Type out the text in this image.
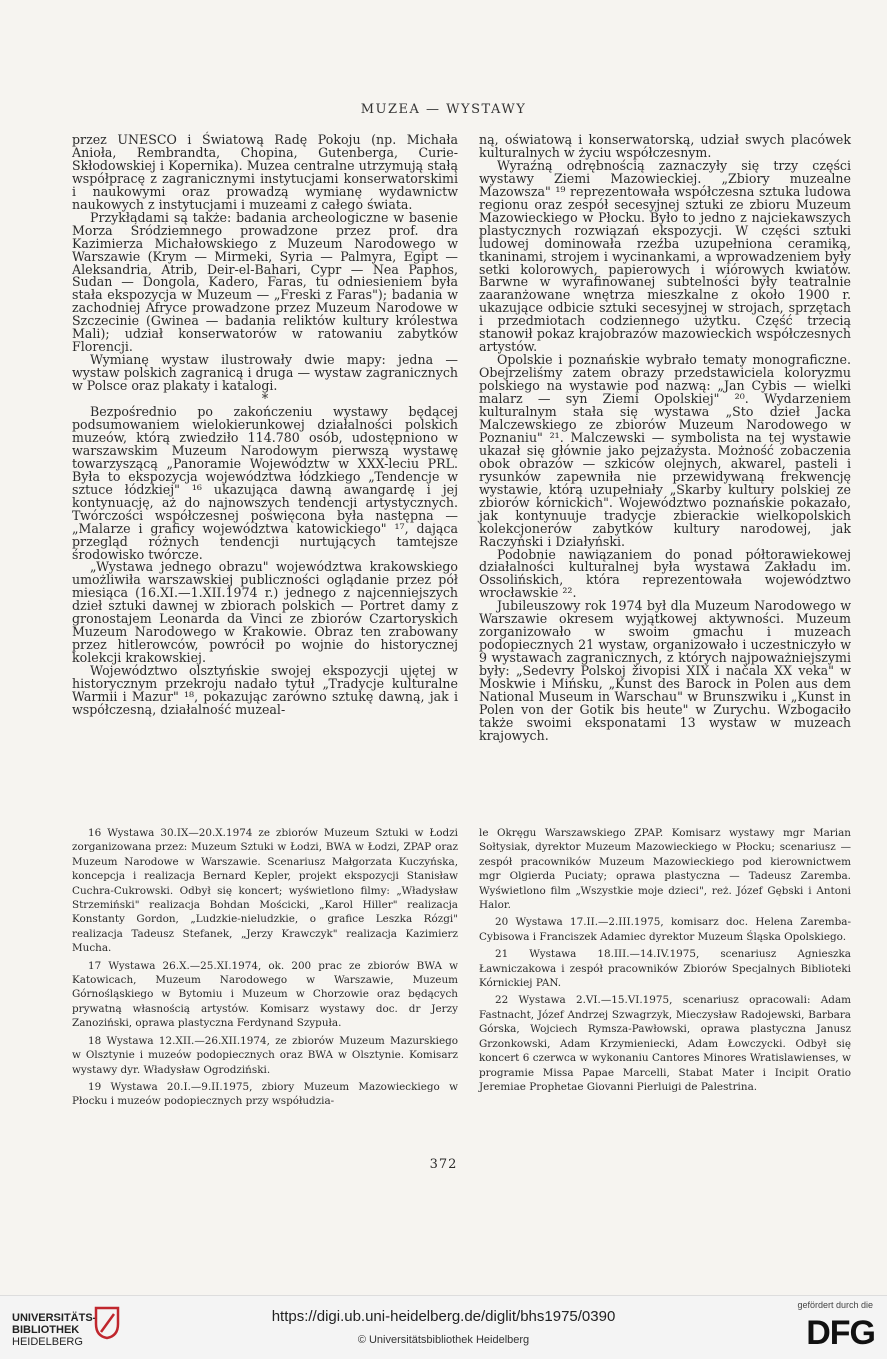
MUZEA — WYSTAWY

przez UNESCO i Światową Radę Pokoju (np. Michała Anioła, Rembrandta, Chopina, Gutenberga, Curie-Skłodowskiej i Kopernika). Muzea centralne utrzymują stałą współpracę z zagranicznymi instytucjami konserwatorskimi i naukowymi oraz prowadzą wymianę wydawnictw naukowych z instytucjami i muzeami z całego świata.

Przykładami są także: badania archeologiczne w basenie Morza Śródziemnego prowadzone przez prof. dra Kazimierza Michałowskiego z Muzeum Narodowego w Warszawie (Krym — Mirmeki, Syria — Palmyra, Egipt — Aleksandria, Atrib, Deir-el-Bahari, Cypr — Nea Paphos, Sudan — Dongola, Kadero, Faras, tu odniesieniem była stała ekspozycja w Muzeum — „Freski z Faras"); badania w zachodniej Afryce prowadzone przez Muzeum Narodowe w Szczecinie (Gwinea — badania reliktów kultury królestwa Mali); udział konserwatorów w ratowaniu zabytków Florencji.

Wymianę wystaw ilustrowały dwie mapy: jedna — wystaw polskich zagranicą i druga — wystaw zagranicznych w Polsce oraz plakaty i katalogi.

*

Bezpośrednio po zakończeniu wystawy będącej podsumowaniem wielokierunkowej działalności polskich muzeów, którą zwiedziło 114.780 osób, udostępniono w warszawskim Muzeum Narodowym pierwszą wystawę towarzyszącą „Panoramie Województw w XXX-leciu PRL. Była to ekspozycja województwa łódzkiego „Tendencje w sztuce łódzkiej" ¹⁶ ukazująca dawną awangardę i jej kontynuację, aż do najnowszych tendencji artystycznych. Twórczości współczesnej poświęcona była następna — „Malarze i graficy województwa katowickiego" ¹⁷, dająca przegląd różnych tendencji nurtujących tamtejsze środowisko twórcze.

„Wystawa jednego obrazu" województwa krakowskiego umożliwiła warszawskiej publiczności oglądanie przez pół miesiąca (16.XI.—1.XII.1974 r.) jednego z najcenniejszych dzieł sztuki dawnej w zbiorach polskich — Portret damy z gronostajem Leonarda da Vinci ze zbiorów Czartoryskich Muzeum Narodowego w Krakowie. Obraz ten zrabowany przez hitlerowców, powrócił po wojnie do historycznej kolekcji krakowskiej.

Województwo olsztyńskie swojej ekspozycji ujętej w historycznym przekroju nadało tytuł „Tradycje kulturalne Warmii i Mazur" ¹⁸, pokazując zarówno sztukę dawną, jak i współczesną, działalność muzeal-

ną, oświatową i konserwatorską, udział swych placówek kulturalnych w życiu współczesnym.

Wyraźną odrębnością zaznaczyły się trzy części wystawy Ziemi Mazowieckiej. „Zbiory muzealne Mazowsza" ¹⁹ reprezentowała współczesna sztuka ludowa regionu oraz zespół secesyjnej sztuki ze zbioru Muzeum Mazowieckiego w Płocku. Było to jedno z najciekawszych plastycznych rozwiązań ekspozycji. W części sztuki ludowej dominowała rzeźba uzupełniona ceramiką, tkaninami, strojem i wycinankami, a wprowadzeniem były setki kolorowych, papierowych i wiórowych kwiatów. Barwne w wyrafinowanej subtelności były teatralnie zaaranżowane wnętrza mieszkalne z około 1900 r. ukazujące odbicie sztuki secesyjnej w strojach, sprzętach i przedmiotach codziennego użytku. Część trzecią stanowił pokaz krajobrazów mazowieckich współczesnych artystów.

Opolskie i poznańskie wybrało tematy monograficzne. Obejrzeliśmy zatem obrazy przedstawiciela koloryzmu polskiego na wystawie pod nazwą: „Jan Cybis — wielki malarz — syn Ziemi Opolskiej" ²⁰. Wydarzeniem kulturalnym stała się wystawa „Sto dzieł Jacka Malczewskiego ze zbiorów Muzeum Narodowego w Poznaniu" ²¹. Malczewski — symbolista na tej wystawie ukazał się głównie jako pejzażysta. Możność zobaczenia obok obrazów — szkiców olejnych, akwarel, pasteli i rysunków zapewniła nie przewidywaną frekwencję wystawie, którą uzupełniały „Skarby kultury polskiej ze zbiorów kórnickich". Województwo poznańskie pokazało, jak kontynuuje tradycje zbierackie wielkopolskich kolekcjonerów zabytków kultury narodowej, jak Raczyński i Działyński.

Podobnie nawiązaniem do ponad półtorawiekowej działalności kulturalnej była wystawa Zakładu im. Ossolińskich, która reprezentowała województwo wrocławskie ²².

Jubileuszowy rok 1974 był dla Muzeum Narodowego w Warszawie okresem wyjątkowej aktywności. Muzeum zorganizowało w swoim gmachu i muzeach podopiecznych 21 wystaw, organizowało i uczestniczyło w 9 wystawach zagranicznych, z których najpoważniejszymi były: „Sedevry Polskoj živopisi XIX i načala XX veka" w Moskwie i Mińsku, „Kunst des Barock in Polen aus dem National Museum in Warschau" w Brunszwiku i „Kunst in Polen von der Gotik bis heute" w Zurychu. Wzbogaciło także swoimi eksponatami 13 wystaw w muzeach krajowych.

16 Wystawa 30.IX—20.X.1974 ze zbiorów Muzeum Sztuki w Łodzi zorganizowana przez: Muzeum Sztuki w Łodzi, BWA w Łodzi, ZPAP oraz Muzeum Narodowe w Warszawie. Scenariusz Małgorzata Kuczyńska, koncepcja i realizacja Bernard Kepler, projekt ekspozycji Stanisław Cuchra-Cukrowski. Odbył się koncert; wyświetlono filmy: „Władysław Strzemiński" realizacja Bohdan Mościcki, „Karol Hiller" realizacja Konstanty Gordon, „Ludzkie-nieludzkie, o grafice Leszka Rózgi" realizacja Tadeusz Stefanek, „Jerzy Krawczyk" realizacja Kazimierz Mucha.

17 Wystawa 26.X.—25.XI.1974, ok. 200 prac ze zbiorów BWA w Katowicach, Muzeum Narodowego w Warszawie, Muzeum Górnośląskiego w Bytomiu i Muzeum w Chorzowie oraz będących prywatną własnością artystów. Komisarz wystawy doc. dr Jerzy Zanoziński, oprawa plastyczna Ferdynand Szypuła.

18 Wystawa 12.XII.—26.XII.1974, ze zbiorów Muzeum Mazurskiego w Olsztynie i muzeów podopiecznych oraz BWA w Olsztynie. Komisarz wystawy dyr. Władysław Ogrodziński.

19 Wystawa 20.I.—9.II.1975, zbiory Muzeum Mazowieckiego w Płocku i muzeów podopiecznych przy współudzia-

le Okręgu Warszawskiego ZPAP. Komisarz wystawy mgr Marian Sołtysiak, dyrektor Muzeum Mazowieckiego w Płocku; scenariusz — zespół pracowników Muzeum Mazowieckiego pod kierownictwem mgr Olgierda Puciaty; oprawa plastyczna — Tadeusz Zaremba. Wyświetlono film „Wszystkie moje dzieci", reż. Józef Gębski i Antoni Halor.

20 Wystawa 17.II.—2.III.1975, komisarz doc. Helena Zaremba-Cybisowa i Franciszek Adamiec dyrektor Muzeum Śląska Opolskiego.

21 Wystawa 18.III.—14.IV.1975, scenariusz Agnieszka Ławniczakowa i zespół pracowników Zbiorów Specjalnych Biblioteki Kórnickiej PAN.

22 Wystawa 2.VI.—15.VI.1975, scenariusz opracowali: Adam Fastnacht, Józef Andrzej Szwagrzyk, Mieczysław Radojewski, Barbara Górska, Wojciech Rymsza-Pawłowski, oprawa plastyczna Janusz Grzonkowski, Adam Krzymieniecki, Adam Łowczycki. Odbył się koncert 6 czerwca w wykonaniu Cantores Minores Wratislawienses, w programie Missa Papae Marcelli, Stabat Mater i Incipit Oratio Jeremiae Prophetae Giovanni Pierluigi de Palestrina.

372
UNIVERSITÄTS-
BIBLIOTHEK
HEIDELBERG
https://digi.ub.uni-heidelberg.de/diglit/bhs1975/0390
© Universitätsbibliothek Heidelberg
gefördert durch die
DFG
